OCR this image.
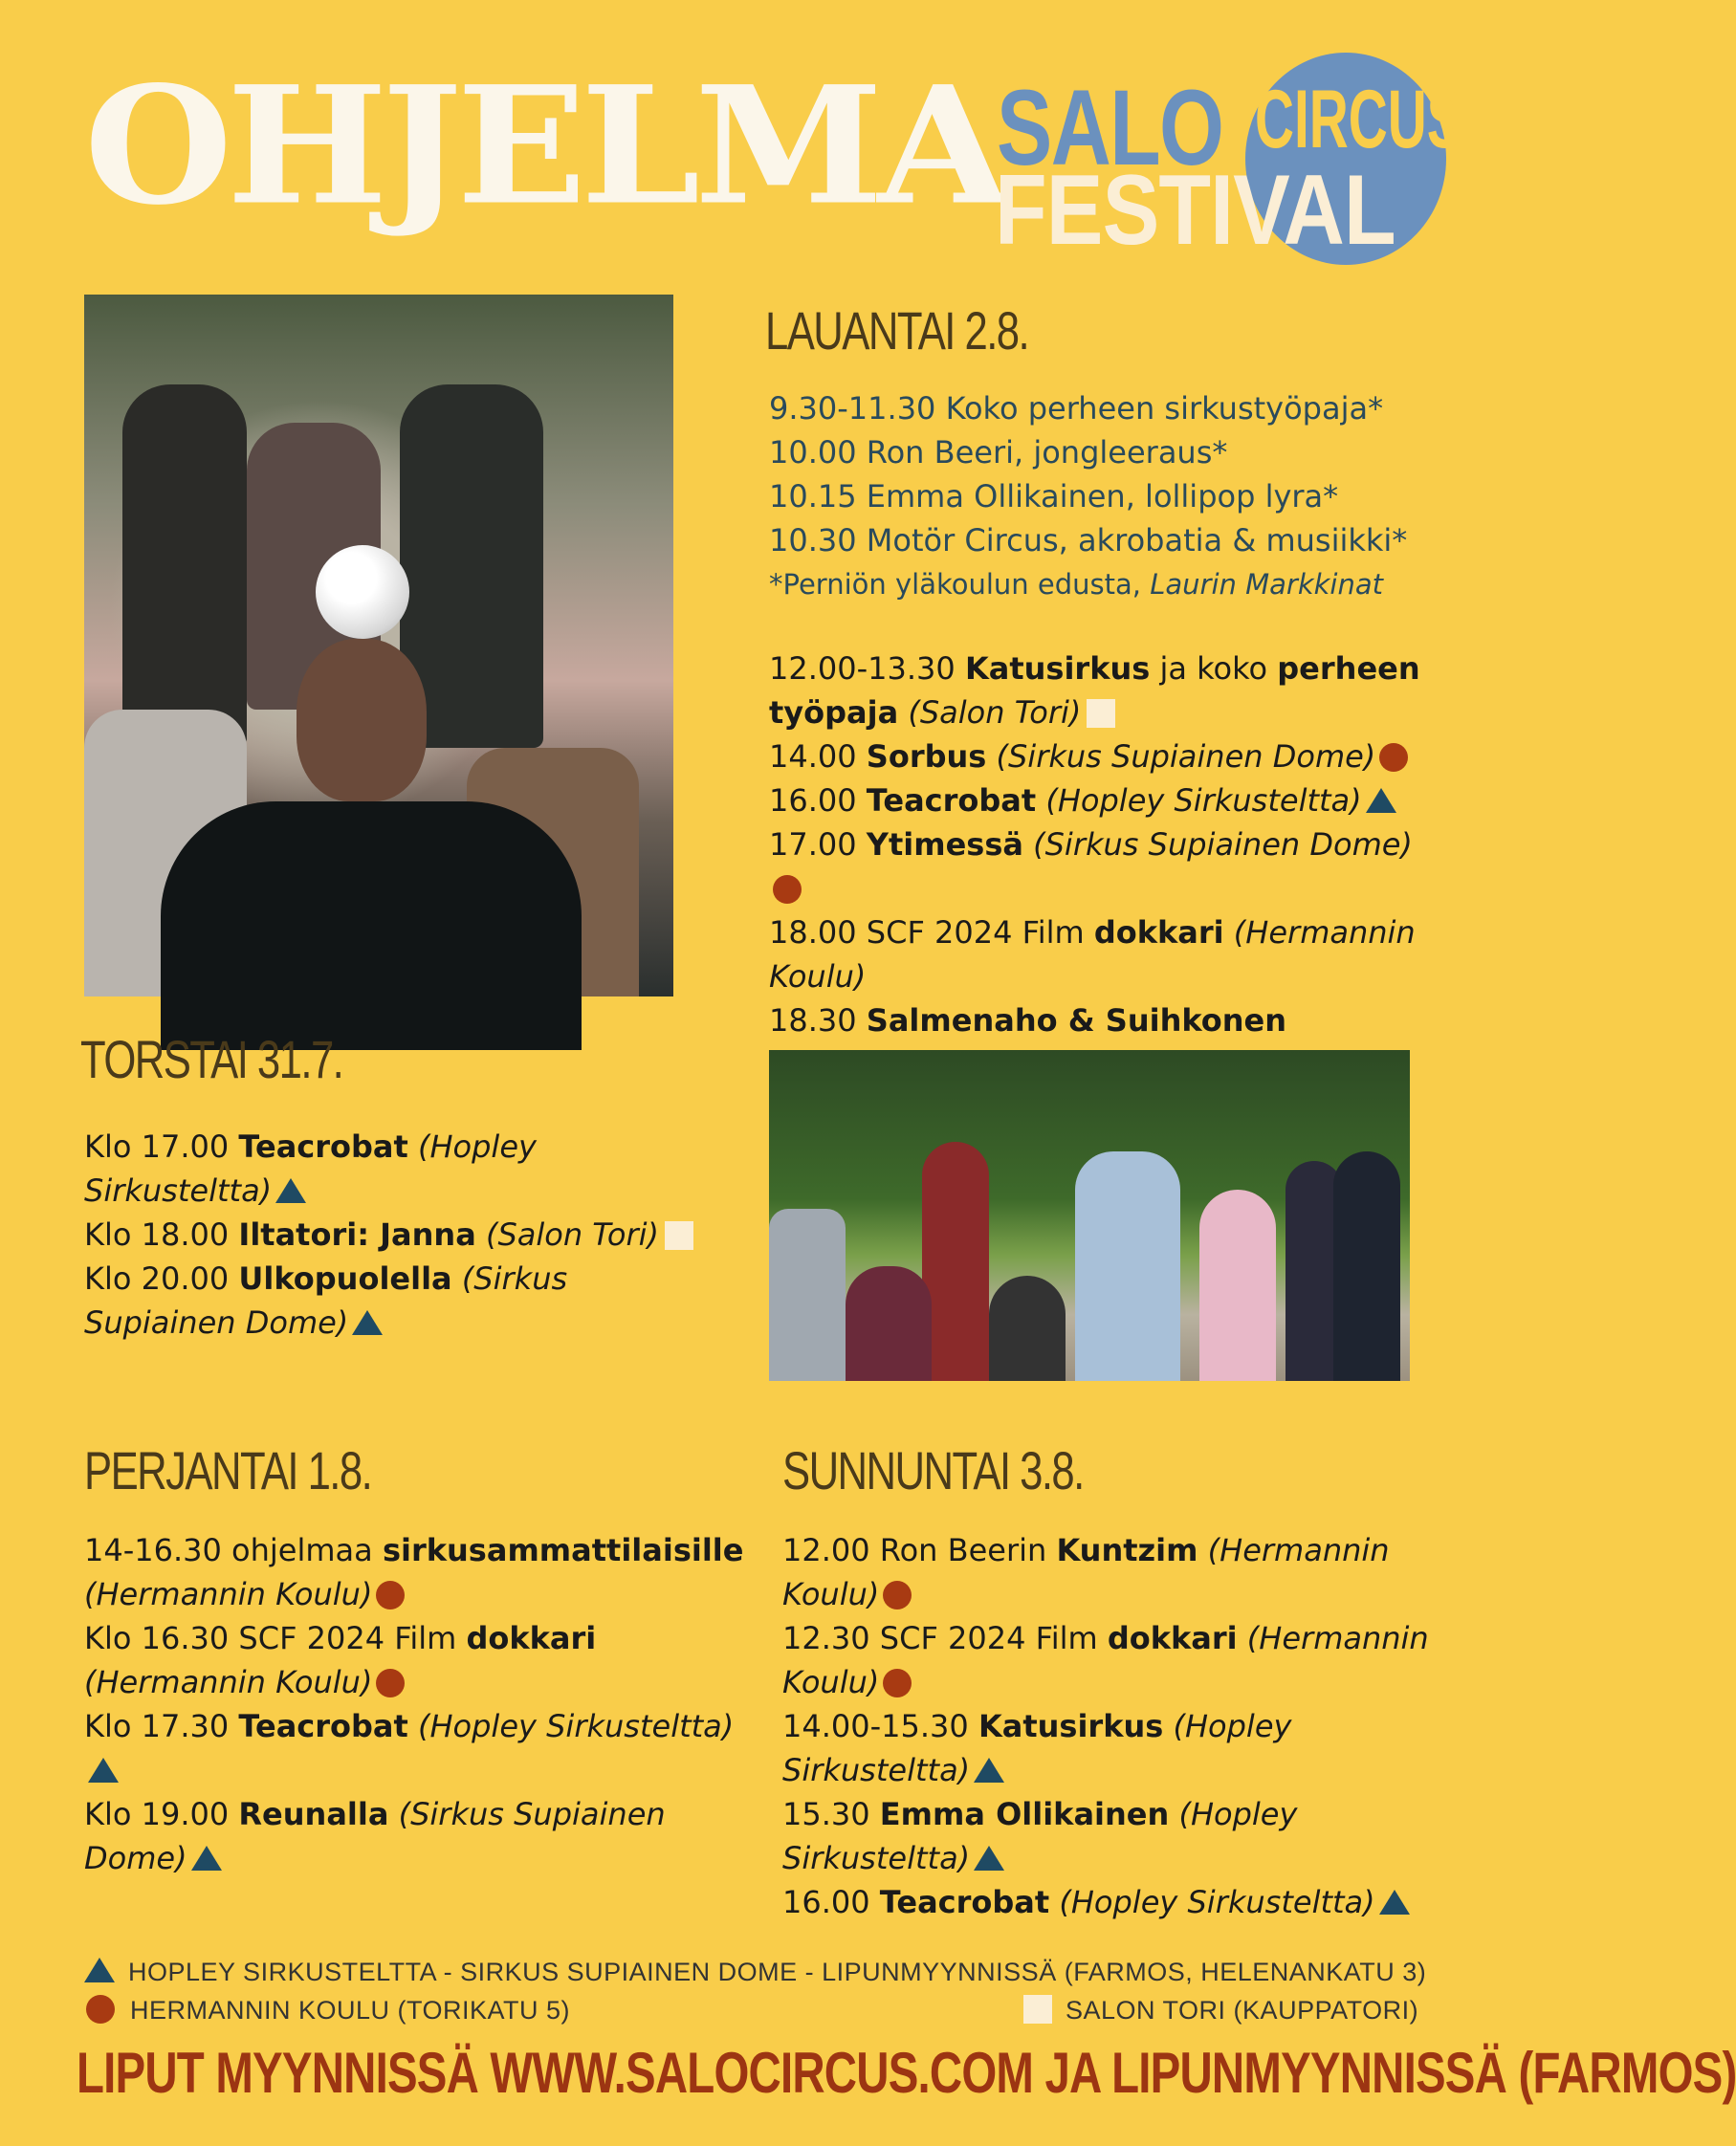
OHJELMA
SALO CIRCUS
FESTIVAL
LAUANTAI 2.8.
9.30-11.30 Koko perheen sirkustyöpaja*
10.00 Ron Beeri, jongleeraus*
10.15 Emma Ollikainen, lollipop lyra*
10.30 Motör Circus, akrobatia & musiikki*
*Perniön yläkoulun edusta, Laurin Markkinat
12.00-13.30 Katusirkus ja koko perheen työpaja (Salon Tori)
14.00 Sorbus (Sirkus Supiainen Dome)
16.00 Teacrobat (Hopley Sirkusteltta)
17.00 Ytimessä (Sirkus Supiainen Dome)
18.00 SCF 2024 Film dokkari (Hermannin Koulu)
18.30 Salmenaho & Suihkonen
TORSTAI 31.7.
Klo 17.00 Teacrobat (Hopley Sirkusteltta)
Klo 18.00 Iltatori: Janna (Salon Tori)
Klo 20.00 Ulkopuolella (Sirkus Supiainen Dome)
PERJANTAI 1.8.
14-16.30 ohjelmaa sirkusammattilaisille (Hermannin Koulu)
Klo 16.30 SCF 2024 Film dokkari (Hermannin Koulu)
Klo 17.30 Teacrobat (Hopley Sirkusteltta)
Klo 19.00 Reunalla (Sirkus Supiainen Dome)
SUNNUNTAI 3.8.
12.00 Ron Beerin Kuntzim (Hermannin Koulu)
12.30 SCF 2024 Film dokkari (Hermannin Koulu)
14.00-15.30 Katusirkus (Hopley Sirkusteltta)
15.30 Emma Ollikainen (Hopley Sirkusteltta)
16.00 Teacrobat (Hopley Sirkusteltta)
HOPLEY SIRKUSTELTTA - SIRKUS SUPIAINEN DOME - LIPUNMYYNNISSÄ (FARMOS, HELENANKATU 3)
HERMANNIN KOULU (TORIKATU 5)	SALON TORI (KAUPPATORI)
LIPUT MYYNNISSÄ WWW.SALOCIRCUS.COM JA LIPUNMYYNNISSÄ (FARMOS)
